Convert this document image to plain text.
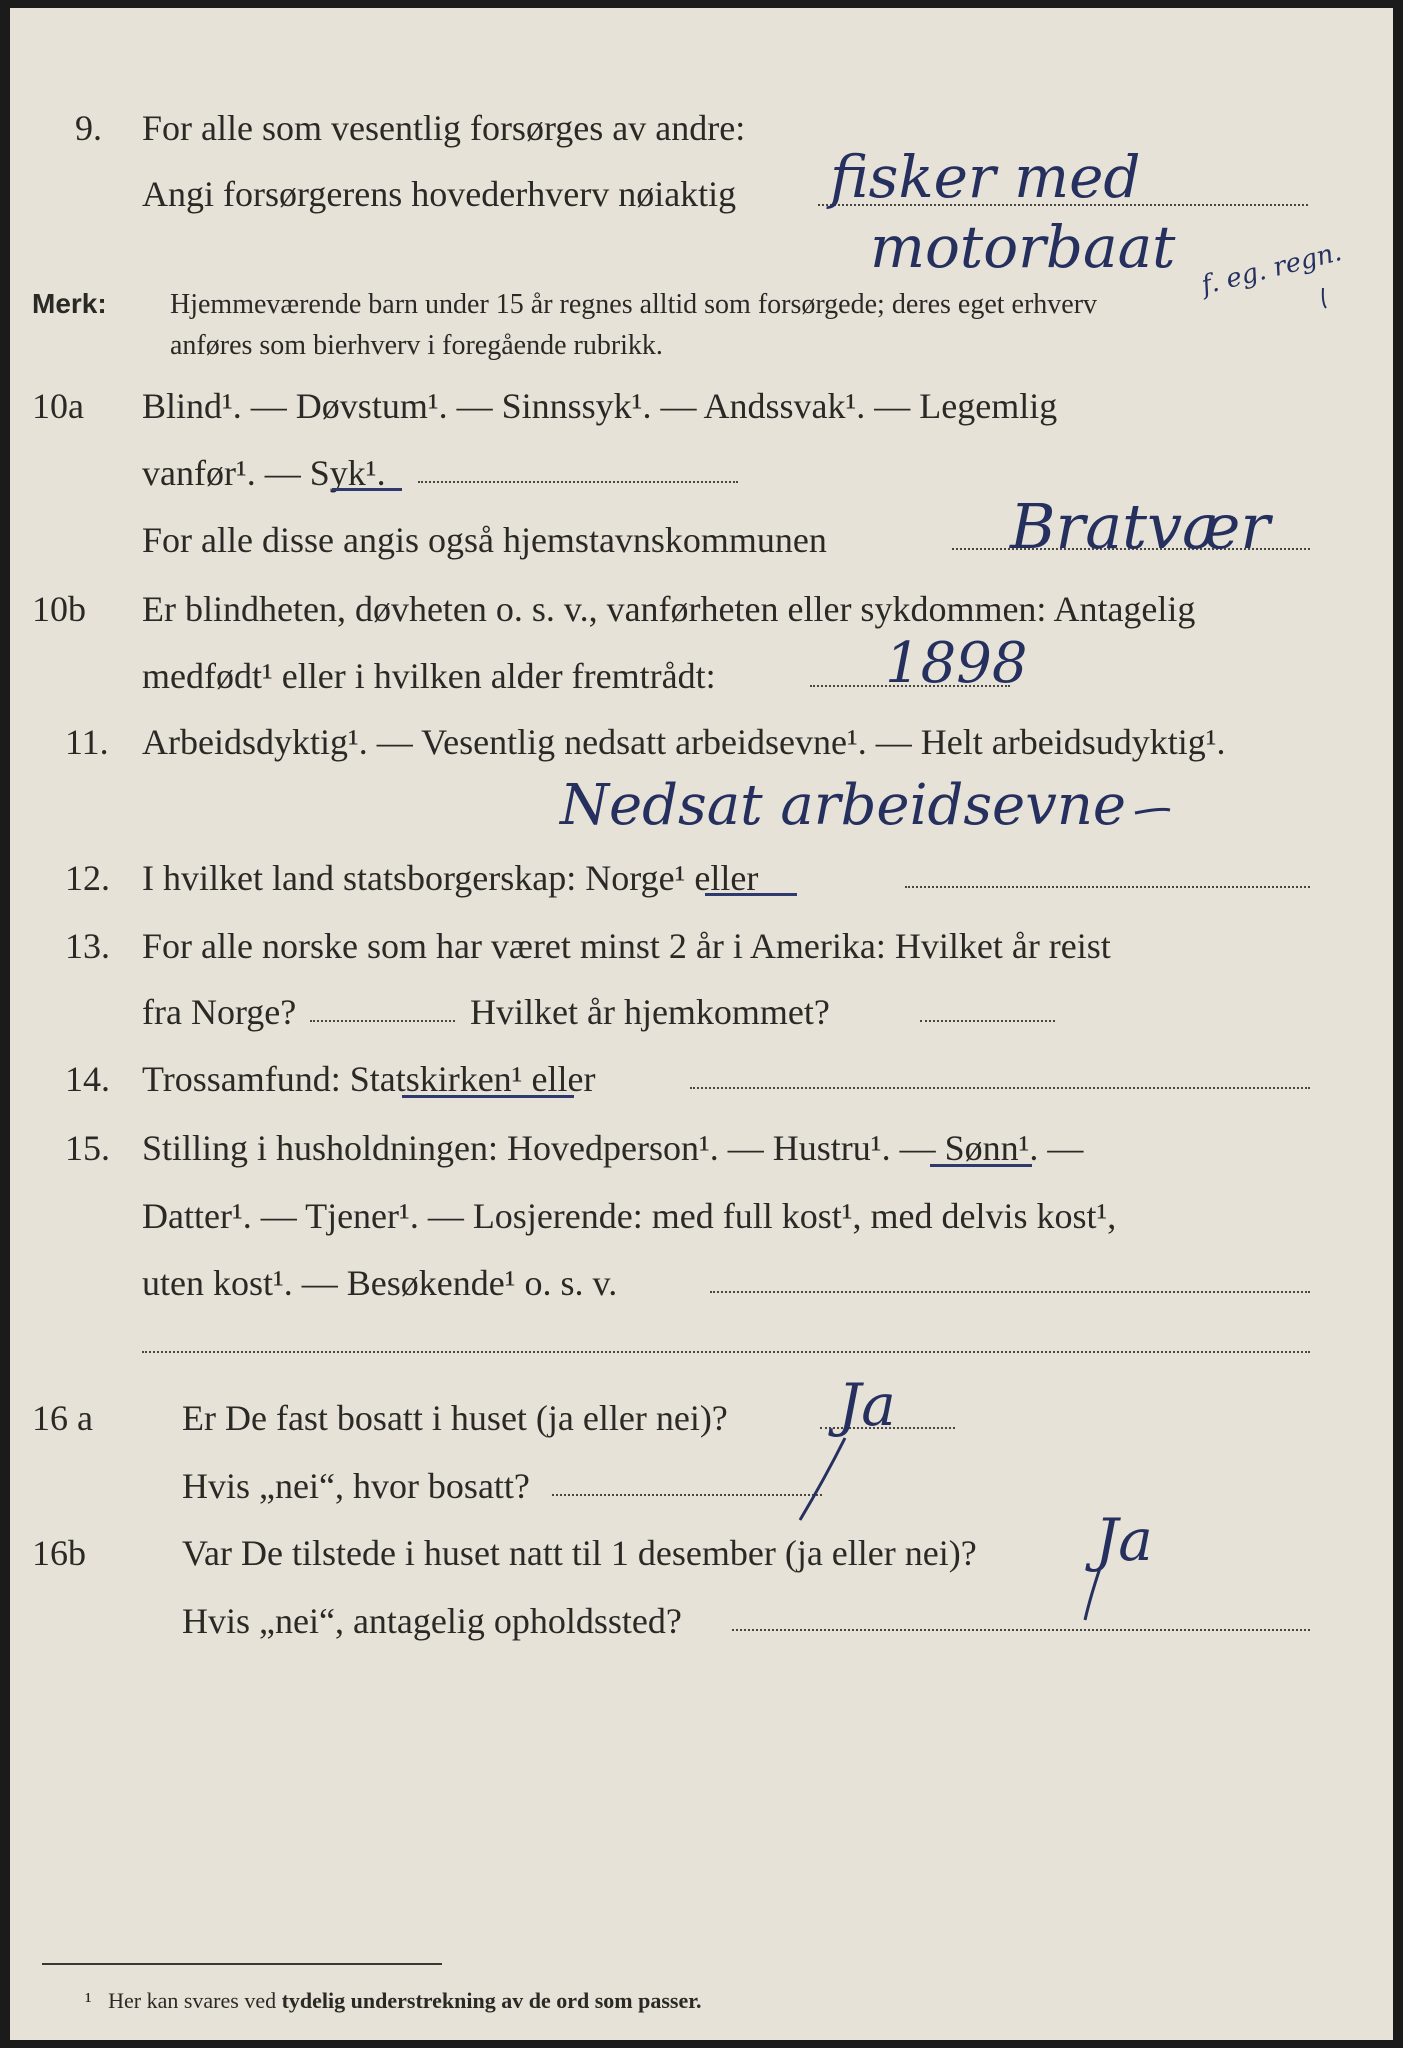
9. For alle som vesentlig forsørges av andre:
Angi forsørgerens hovederhverv nøiaktig fisker med
motorbaat f. eg. regn.
Merk: Hjemmeværende barn under 15 år regnes alltid som forsørgede; deres eget erhverv
anføres som bierhverv i foregående rubrikk.
10a Blind¹. — Døvstum¹. — Sinnssyk¹. — Andssvak¹. — Legemlig
vanfør¹. — Syk¹.
For alle disse angis også hjemstavnskommunen	Bratvær
10b Er blindheten, døvheten o. s. v., vanførheten eller sykdommen: Antagelig
medfødt¹ eller i hvilken alder fremtrådt:	1898
11. Arbeidsdyktig¹. — Vesentlig nedsatt arbeidsevne¹. — Helt arbeidsudyktig¹.
Nedsat arbeidsevne
12. I hvilket land statsborgerskap: Norge¹ eller
13. For alle norske som har været minst 2 år i Amerika: Hvilket år reist
fra Norge?	Hvilket år hjemkommet?
14. Trossamfund: Statskirken¹ eller
15. Stilling i husholdningen: Hovedperson¹. — Hustru¹. — Sønn¹. —
Datter¹. — Tjener¹. — Losjerende: med full kost¹, med delvis kost¹,
uten kost¹. — Besøkende¹ o. s. v.
16 a Er De fast bosatt i huset (ja eller nei)? Ja
Hvis „nei“, hvor bosatt?
16b	Var De tilstede i huset natt til 1 desember (ja eller nei)? Ja
Hvis „nei“, antagelig opholdssted?
¹ Her kan svares ved tydelig understrekning av de ord som passer.
